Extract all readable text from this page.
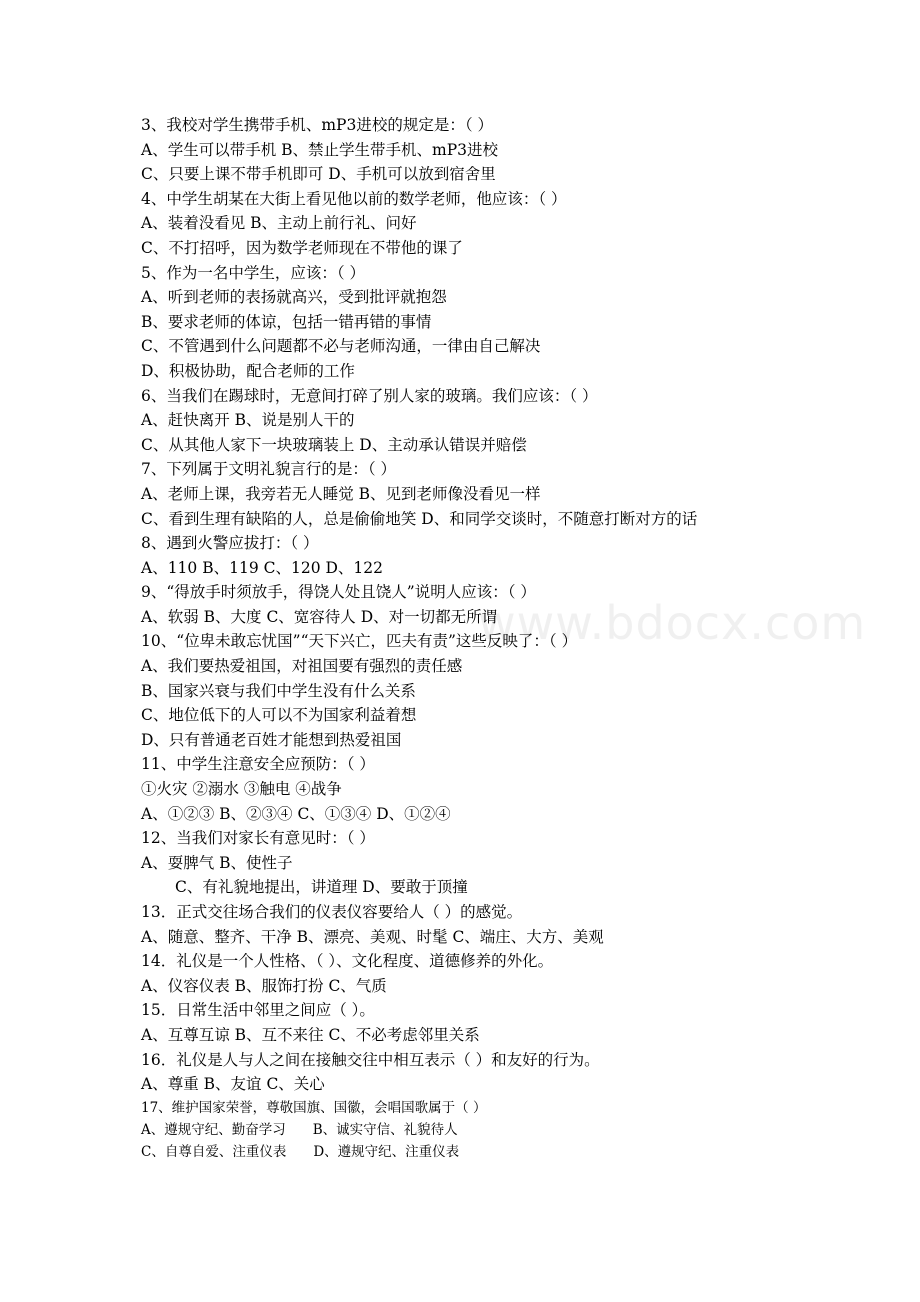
www.bdocx.com
3、我校对学生携带手机、mP3进校的规定是：（ ）
A、学生可以带手机 B、禁止学生带手机、mP3进校
C、只要上课不带手机即可 D、手机可以放到宿舍里
4、中学生胡某在大街上看见他以前的数学老师，他应该：（ ）
A、装着没看见 B、主动上前行礼、问好
C、不打招呼，因为数学老师现在不带他的课了
5、作为一名中学生，应该：（ ）
A、听到老师的表扬就高兴，受到批评就抱怨
B、要求老师的体谅，包括一错再错的事情
C、不管遇到什么问题都不必与老师沟通，一律由自己解决
D、积极协助，配合老师的工作
6、当我们在踢球时，无意间打碎了别人家的玻璃。我们应该：（ ）
A、赶快离开 B、说是别人干的
C、从其他人家下一块玻璃装上 D、主动承认错误并赔偿
7、下列属于文明礼貌言行的是：（ ）
A、老师上课，我旁若无人睡觉 B、见到老师像没看见一样
C、看到生理有缺陷的人，总是偷偷地笑 D、和同学交谈时，不随意打断对方的话
8、遇到火警应拔打：（ ）
A、110 B、119 C、120 D、122
9、“得放手时须放手，得饶人处且饶人”说明人应该：（ ）
A、软弱 B、大度 C、宽容待人 D、对一切都无所谓
10、“位卑未敢忘忧国”“天下兴亡，匹夫有责”这些反映了：（ ）
A、我们要热爱祖国，对祖国要有强烈的责任感
B、国家兴衰与我们中学生没有什么关系
C、地位低下的人可以不为国家利益着想
D、只有普通老百姓才能想到热爱祖国
11、中学生注意安全应预防：（ ）
①火灾 ②溺水 ③触电 ④战争
A、①②③ B、②③④ C、①③④ D、①②④
12、当我们对家长有意见时：（ ）
A、耍脾气 B、使性子
C、有礼貌地提出，讲道理 D、要敢于顶撞
13．正式交往场合我们的仪表仪容要给人（ ）的感觉。
A、随意、整齐、干净 B、漂亮、美观、时髦 C、端庄、大方、美观
14．礼仪是一个人性格、（ ）、文化程度、道德修养的外化。
A、仪容仪表 B、服饰打扮 C、气质
15．日常生活中邻里之间应（ ）。
A、互尊互谅 B、互不来往 C、不必考虑邻里关系
16．礼仪是人与人之间在接触交往中相互表示（ ）和友好的行为。
A、尊重 B、友谊 C、关心
17、维护国家荣誉，尊敬国旗、国徽，会唱国歌属于（ ）
A、遵规守纪、勤奋学习　　B、诚实守信、礼貌待人
C、自尊自爱、注重仪表　　D、遵规守纪、注重仪表
